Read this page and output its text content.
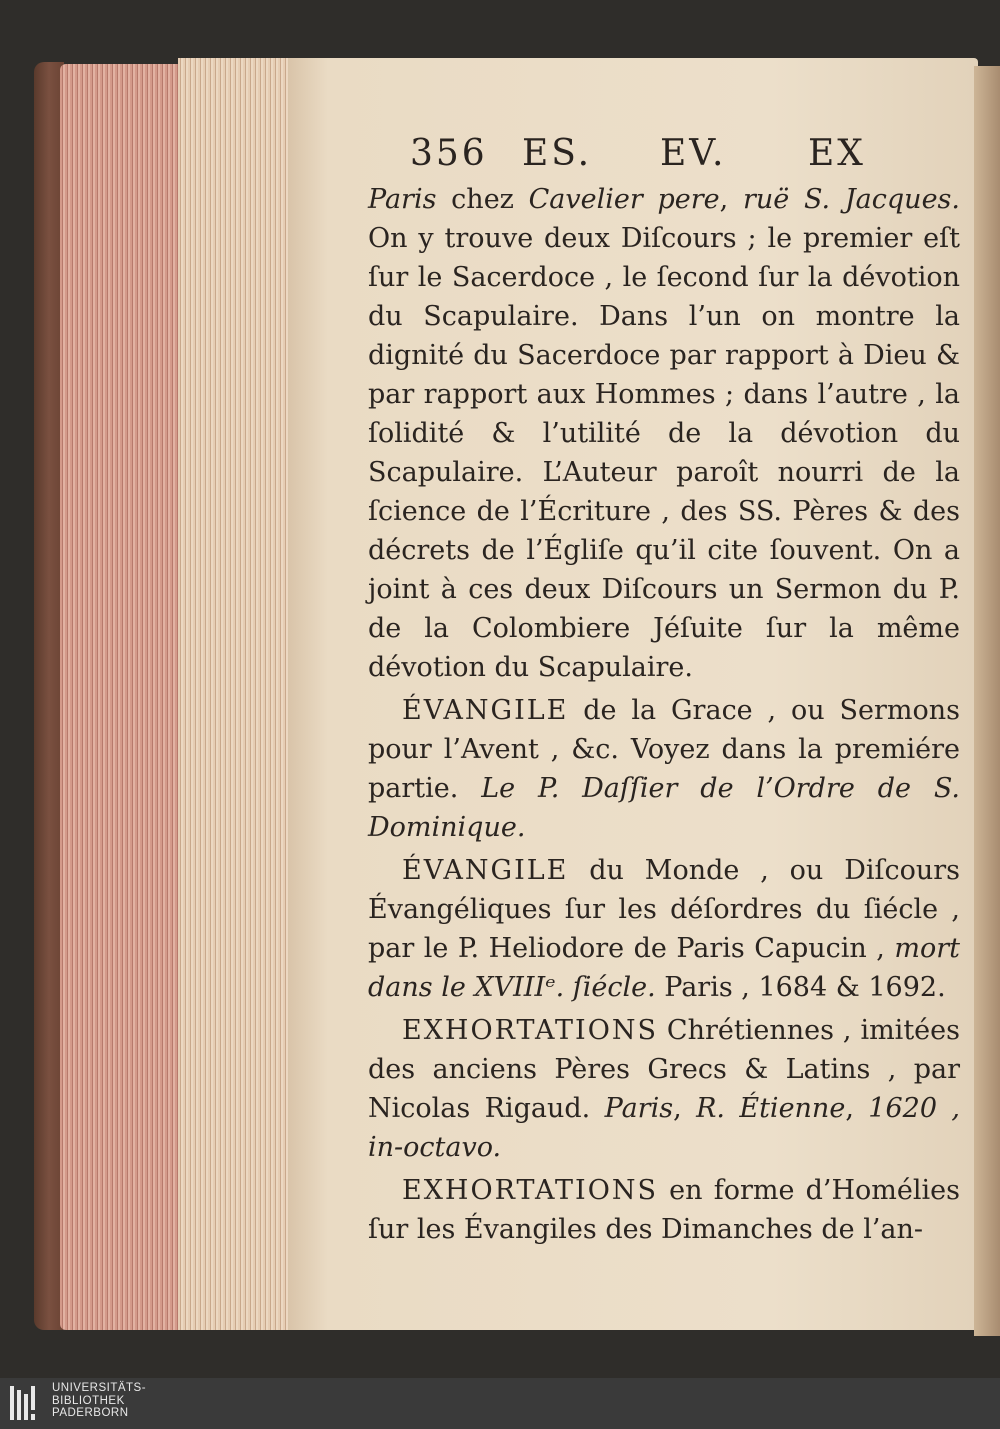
356 ES. EV. EX

Paris chez Cavelier pere, ruë S. Jacques. On y trouve deux Diſcours ; le premier eſt ſur le Sacerdoce , le ſecond ſur la dévotion du Scapulaire. Dans l’un on montre la dignité du Sacerdoce par rapport à Dieu & par rapport aux Hommes ; dans l’autre , la ſolidité & l’utilité de la dévotion du Scapulaire. L’Auteur paroît nourri de la ſcience de l’Écriture , des SS. Pères & des décrets de l’Égliſe qu’il cite ſouvent. On a joint à ces deux Diſcours un Sermon du P. de la Colombiere Jéſuite ſur la même dévotion du Scapulaire.

ÉVANGILE de la Grace , ou Sermons pour l’Avent , &c. Voyez dans la premiére partie. Le P. Daſſier de l’Ordre de S. Dominique.

ÉVANGILE du Monde , ou Diſcours Évangéliques ſur les déſordres du ſiécle , par le P. Heliodore de Paris Capucin , mort dans le XVIIIᵉ. ſiécle. Paris , 1684 & 1692.

EXHORTATIONS Chrétiennes , imitées des anciens Pères Grecs & Latins , par Nicolas Rigaud. Paris, R. Étienne, 1620 , in-octavo.

EXHORTATIONS en forme d’Homélies ſur les Évangiles des Dimanches de l’an-

UNIVERSITÄTS-
BIBLIOTHEK
PADERBORN
